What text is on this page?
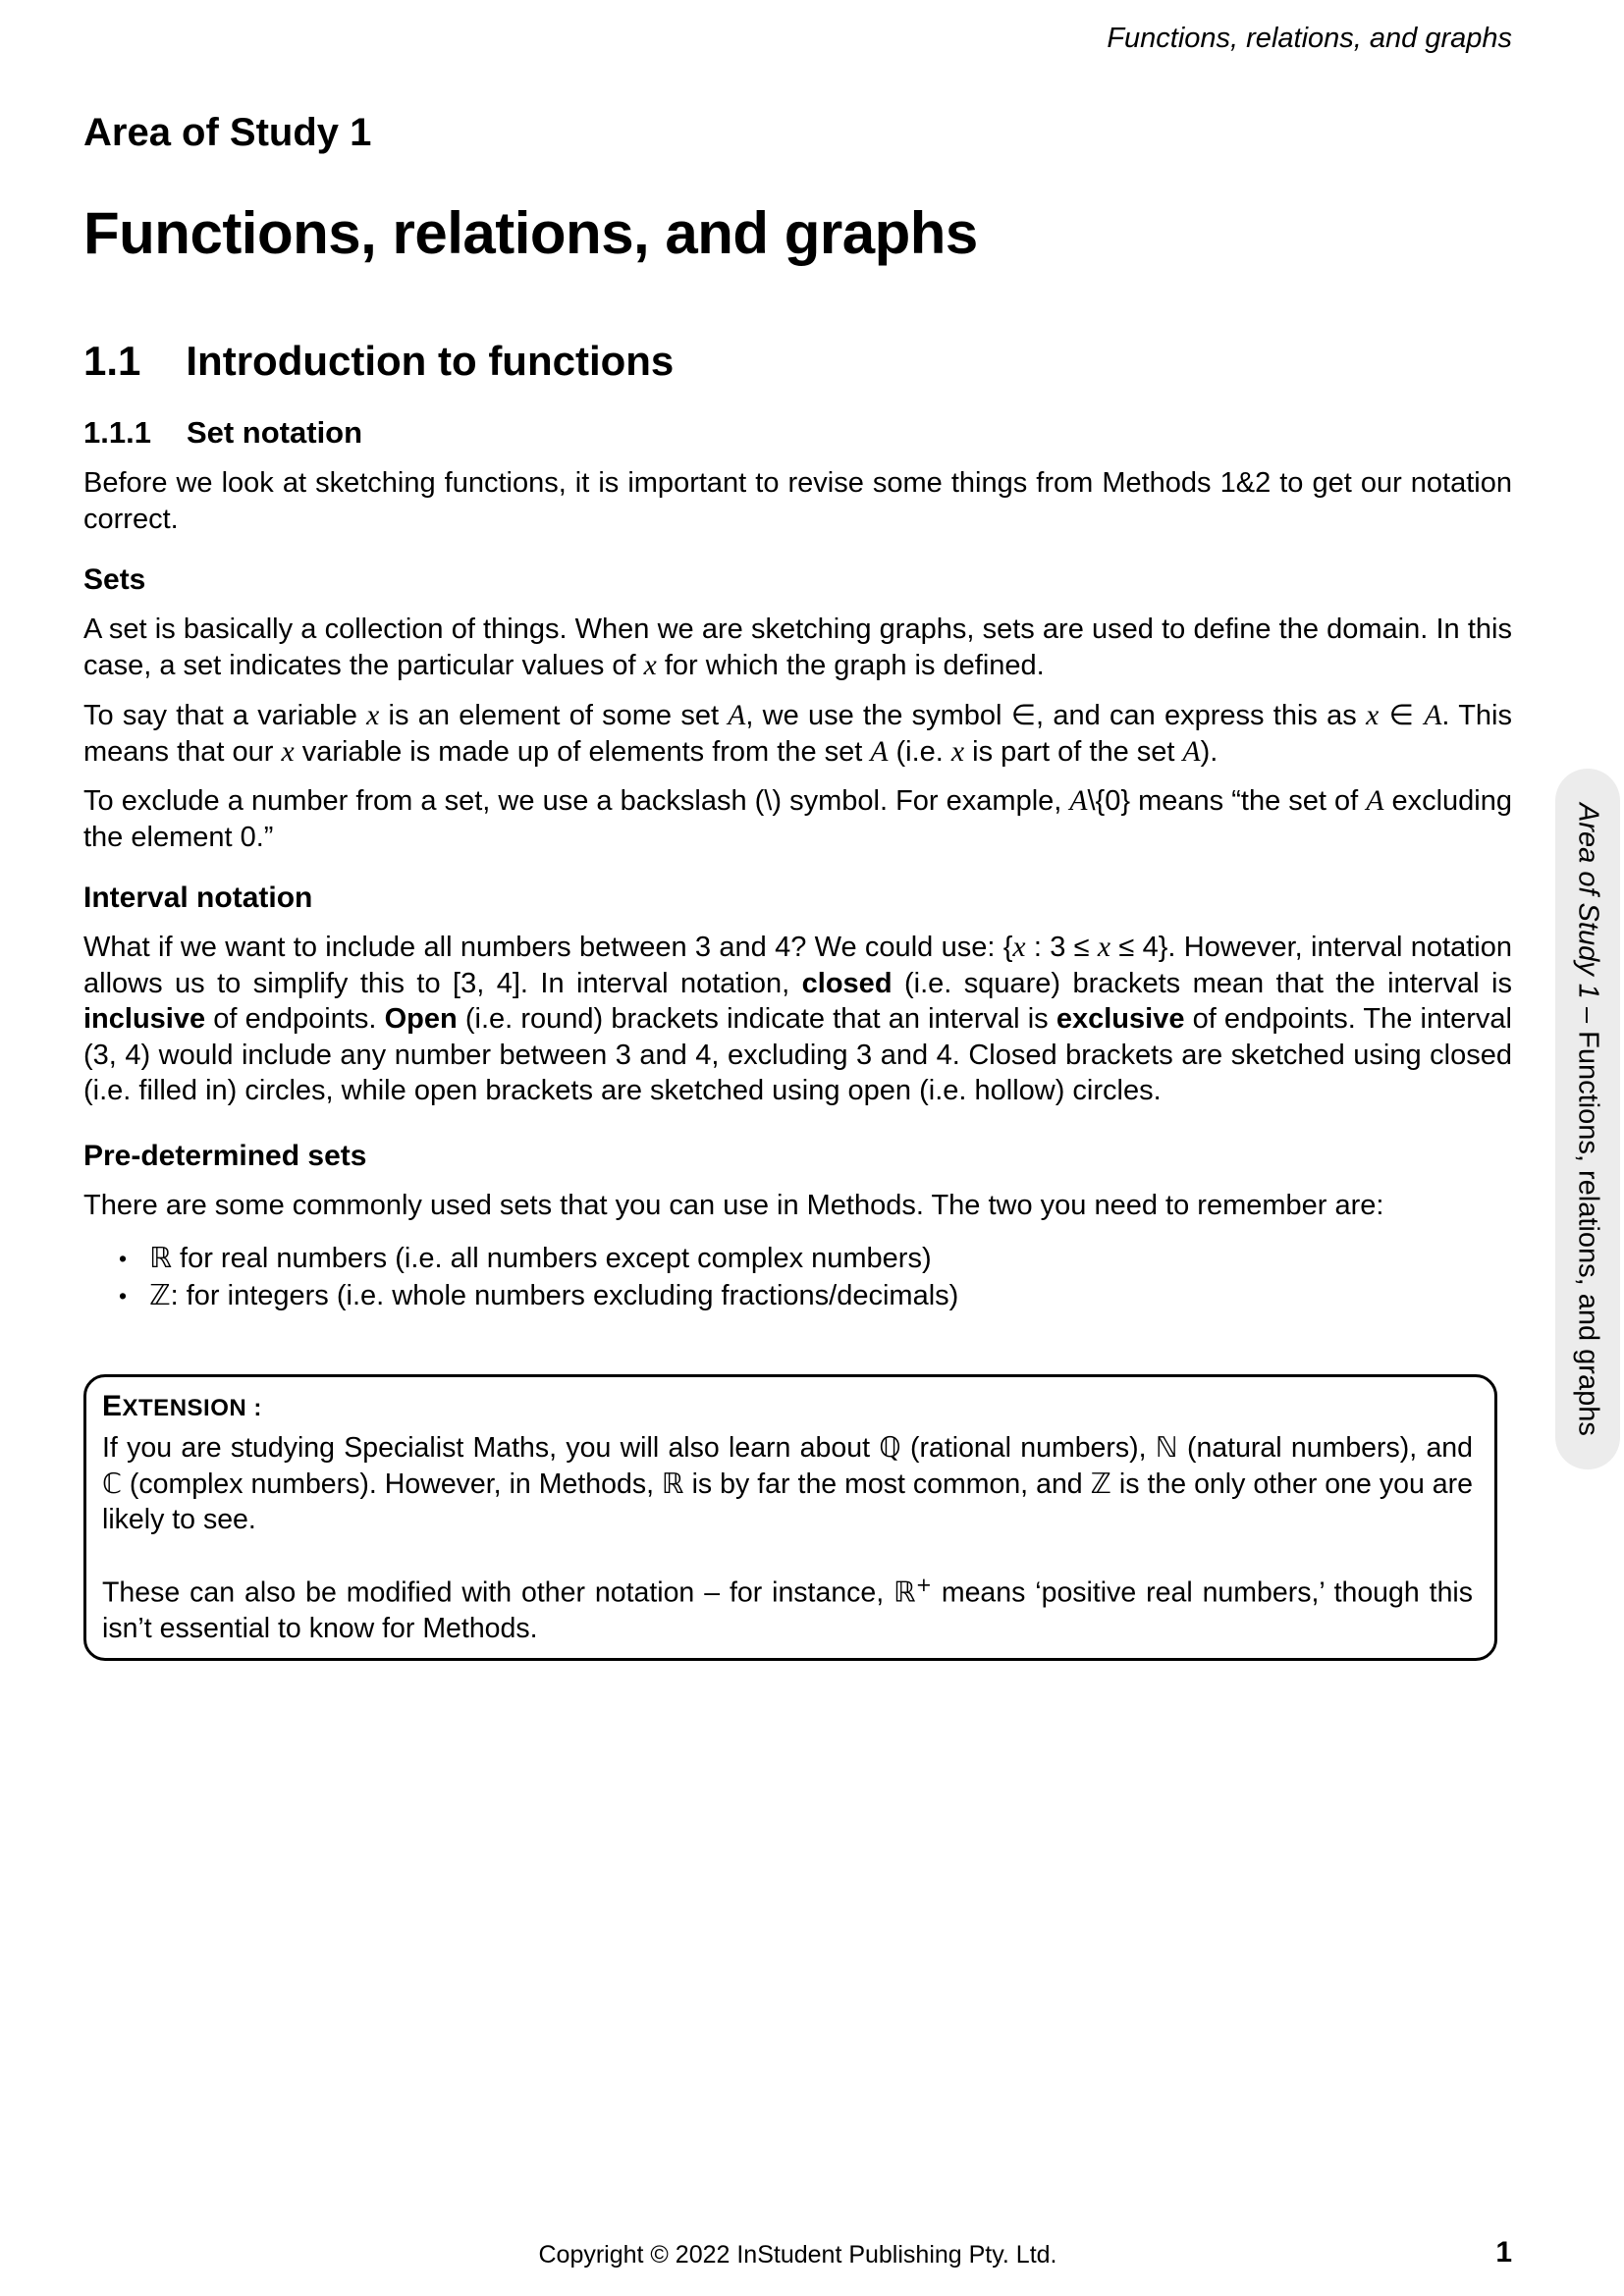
Functions, relations, and graphs
Area of Study 1
Functions, relations, and graphs
1.1 Introduction to functions
1.1.1 Set notation

Before we look at sketching functions, it is important to revise some things from Methods 1&2 to get our notation correct.

Sets

A set is basically a collection of things. When we are sketching graphs, sets are used to define the domain. In this case, a set indicates the particular values of x for which the graph is defined.

To say that a variable x is an element of some set A, we use the symbol ∈, and can express this as x ∈ A. This means that our x variable is made up of elements from the set A (i.e. x is part of the set A).

To exclude a number from a set, we use a backslash (\) symbol. For example, A\{0} means “the set of A excluding the element 0.”

Interval notation

What if we want to include all numbers between 3 and 4? We could use: {x : 3 ≤ x ≤ 4}. However, interval notation allows us to simplify this to [3, 4]. In interval notation, closed (i.e. square) brackets mean that the interval is inclusive of endpoints. Open (i.e. round) brackets indicate that an interval is exclusive of endpoints. The interval (3, 4) would include any number between 3 and 4, excluding 3 and 4. Closed brackets are sketched using closed (i.e. filled in) circles, while open brackets are sketched using open (i.e. hollow) circles.

Pre-determined sets

There are some commonly used sets that you can use in Methods. The two you need to remember are:

• ℝ for real numbers (i.e. all numbers except complex numbers)
• ℤ: for integers (i.e. whole numbers excluding fractions/decimals)
EXTENSION :

If you are studying Specialist Maths, you will also learn about ℚ (rational numbers), ℕ (natural numbers), and ℂ (complex numbers). However, in Methods, ℝ is by far the most common, and ℤ is the only other one you are likely to see.

These can also be modified with other notation – for instance, ℝ+ means ‘positive real numbers,’ though this isn’t essential to know for Methods.

Area of Study 1 – Functions, relations, and graphs
Copyright © 2022 InStudent Publishing Pty. Ltd.	1
